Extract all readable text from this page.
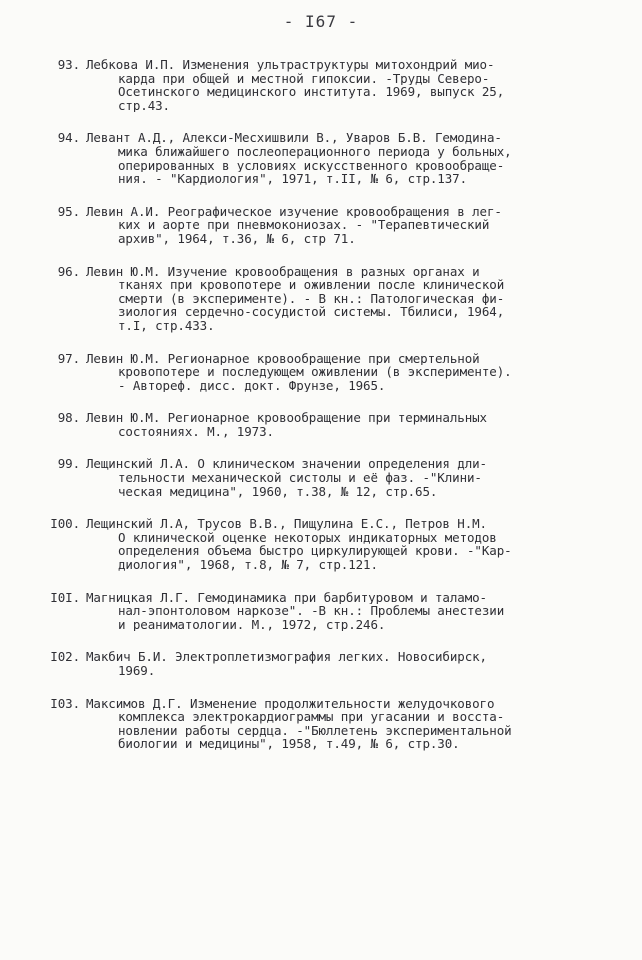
- I67 -
93. Лебкова И.П. Изменения ультраструктуры митохондрий мио-
карда при общей и местной гипоксии. -Труды Северо-
Осетинского медицинского института. 1969, выпуск 25,
стр.43.
94. Левант А.Д., Алекси-Месхишвили В., Уваров Б.В. Гемодина-
мика ближайшего послеоперационного периода у больных,
оперированных в условиях искусственного кровообраще-
ния. - "Кардиология", 1971, т.II, № 6, стр.137.
95. Левин А.И. Реографическое изучение кровообращения в лег-
ких и аорте при пневмокониозах. - "Терапевтический
архив", 1964, т.36, № 6, стр 71.
96. Левин Ю.М. Изучение кровообращения в разных органах и
тканях при кровопотере и оживлении после клинической
смерти (в эксперименте). - В кн.: Патологическая фи-
зиология сердечно-сосудистой системы. Тбилиси, 1964,
т.I, стр.433.
97. Левин Ю.М. Регионарное кровообращение при смертельной
кровопотере и последующем оживлении (в эксперименте).
- Автореф. дисс. докт. Фрунзе, 1965.
98. Левин Ю.М. Регионарное кровообращение при терминальных
состояниях. М., 1973.
99. Лещинский Л.А. О клиническом значении определения дли-
тельности механической систолы и её фаз. -"Клини-
ческая медицина", 1960, т.38, № 12, стр.65.
I00. Лещинский Л.А, Трусов В.В., Пищулина Е.С., Петров Н.М.
О клинической оценке некоторых индикаторных методов
определения объема быстро циркулирующей крови. -"Кар-
диология", 1968, т.8, № 7, стр.121.
I0I. Магницкая Л.Г. Гемодинамика при барбитуровом и таламо-
нал-эпонтоловом наркозе". -В кн.: Проблемы анестезии
и реаниматологии. М., 1972, стр.246.
I02. Макбич Б.И. Электроплетизмография легких. Новосибирск,
1969.
I03. Максимов Д.Г. Изменение продолжительности желудочкового
комплекса электрокардиограммы при угасании и восста-
новлении работы сердца. -"Бюллетень экспериментальной
биологии и медицины", 1958, т.49, № 6, стр.30.
